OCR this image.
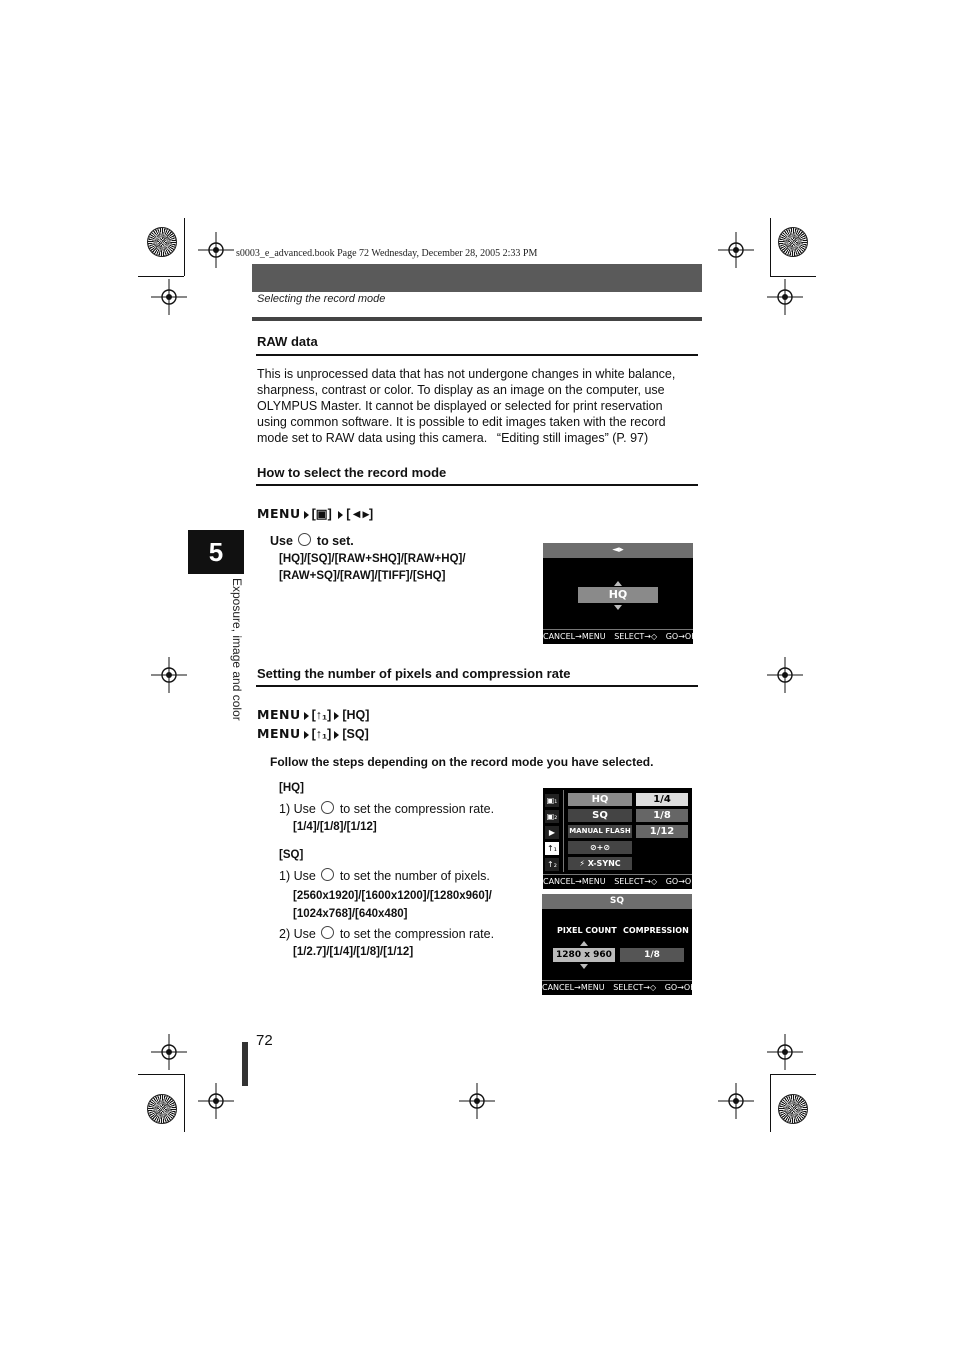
s0003_e_advanced.book Page 72 Wednesday, December 28, 2005 2:33 PM
Selecting the record mode
5
Exposure, image and color
RAW data
This is unprocessed data that has not undergone changes in white balance,
sharpness, contrast or color. To display as an image on the computer, use
OLYMPUS Master. It cannot be displayed or selected for print reservation
using common software. It is possible to edit images taken with the record
mode set to RAW data using this camera.  “Editing still images” (P. 97)
How to select the record mode
MENU [▣] [◄▸]
Use to set.
[HQ]/[SQ]/[RAW+SHQ]/[RAW+HQ]/
[RAW+SQ]/[RAW]/[TIFF]/[SHQ]
◄▸
HQ
CANCEL→MENU SELECT→◇ GO→OK
Setting the number of pixels and compression rate
MENU [↑₁] [HQ]
MENU [↑₁] [SQ]
Follow the steps depending on the record mode you have selected.
[HQ]
1) Use to set the compression rate.
[1/4]/[1/8]/[1/12]
[SQ]
1) Use to set the number of pixels.
[2560x1920]/[1600x1200]/[1280x960]/
[1024x768]/[640x480]
2) Use to set the compression rate.
[1/2.7]/[1/4]/[1/8]/[1/12]
▣₁
▣₂
▶
↑₁
↑₂
HQ
SQ
MANUAL FLASH
⊘+⊘
⚡ X-SYNC
1/4
1/8
1/12
CANCEL→MENU SELECT→◇ GO→OK
SQ
PIXEL COUNT COMPRESSION
1280 x 960	1/8
CANCEL→MENU SELECT→◇ GO→OK
72
